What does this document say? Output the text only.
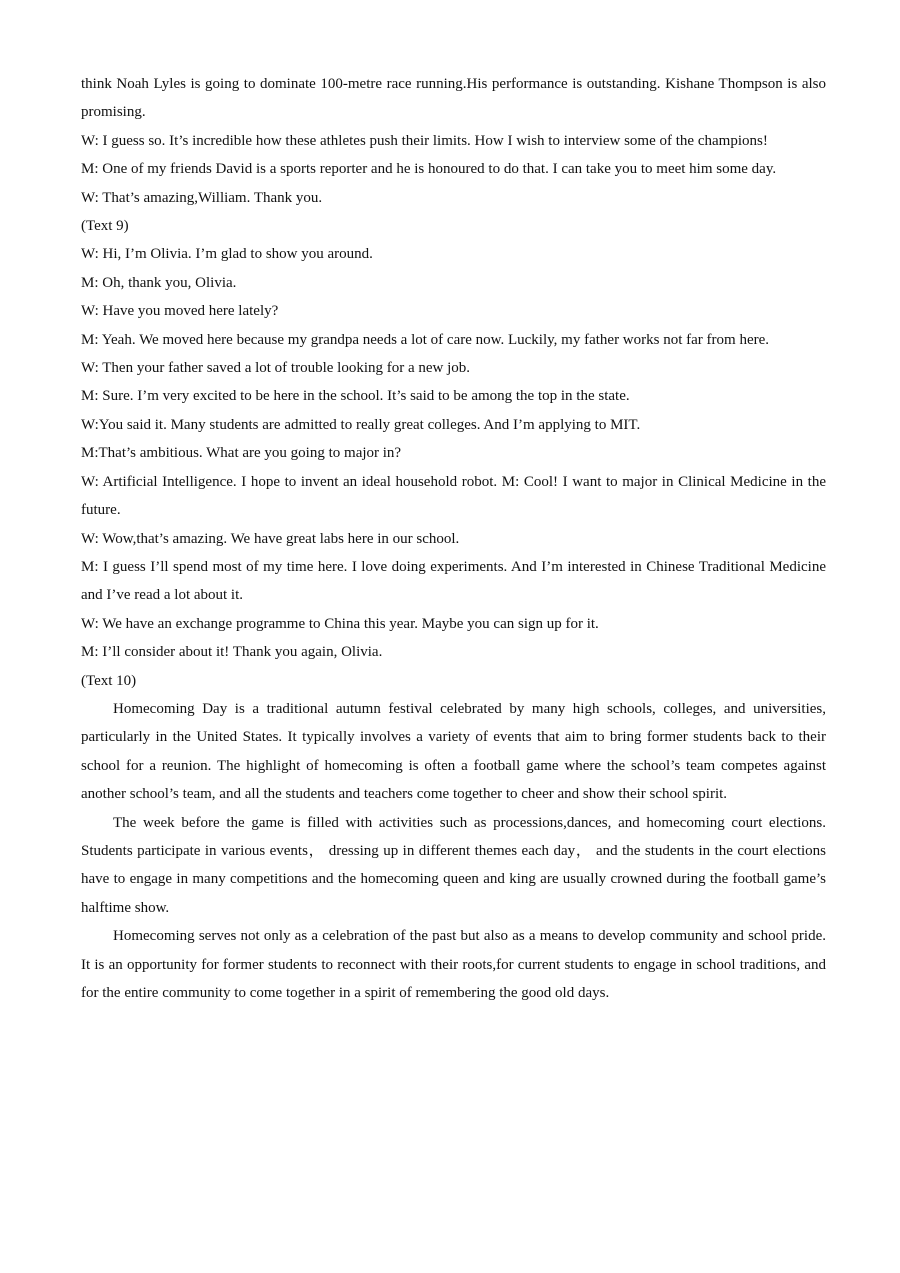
think Noah Lyles is going to dominate 100-metre race running.His performance is outstanding. Kishane Thompson is also promising.

W: I guess so. It’s incredible how these athletes push their limits. How I wish to interview some of the champions!

M: One of my friends David is a sports reporter and he is honoured to do that. I can take you to meet him some day.

W: That’s amazing,William. Thank you.

(Text 9)

W: Hi, I’m Olivia. I’m glad to show you around.

M: Oh, thank you, Olivia.

W: Have you moved here lately?

M: Yeah. We moved here because my grandpa needs a lot of care now. Luckily, my father works not far from here.

W: Then your father saved a lot of trouble looking for a new job.

M: Sure. I’m very excited to be here in the school. It’s said to be among the top in the state.

W:You said it. Many students are admitted to really great colleges. And I’m applying to MIT.

M:That’s ambitious. What are you going to major in?

W: Artificial Intelligence. I hope to invent an ideal household robot. M: Cool! I want to major in Clinical Medicine in the future.

W: Wow,that’s amazing. We have great labs here in our school.

M: I guess I’ll spend most of my time here. I love doing experiments. And I’m interested in Chinese Traditional Medicine and I’ve read a lot about it.

W: We have an exchange programme to China this year. Maybe you can sign up for it.

M: I’ll consider about it! Thank you again, Olivia.

(Text 10)

Homecoming Day is a traditional autumn festival celebrated by many high schools, colleges, and universities, particularly in the United States. It typically involves a variety of events that aim to bring former students back to their school for a reunion. The highlight of homecoming is often a football game where the school’s team competes against another school’s team, and all the students and teachers come together to cheer and show their school spirit.

The week before the game is filled with activities such as processions,dances, and homecoming court elections. Students participate in various events， dressing up in different themes each day， and the students in the court elections have to engage in many competitions and the homecoming queen and king are usually crowned during the football game’s halftime show.

Homecoming serves not only as a celebration of the past but also as a means to develop community and school pride. It is an opportunity for former students to reconnect with their roots,for current students to engage in school traditions, and for the entire community to come together in a spirit of remembering the good old days.
